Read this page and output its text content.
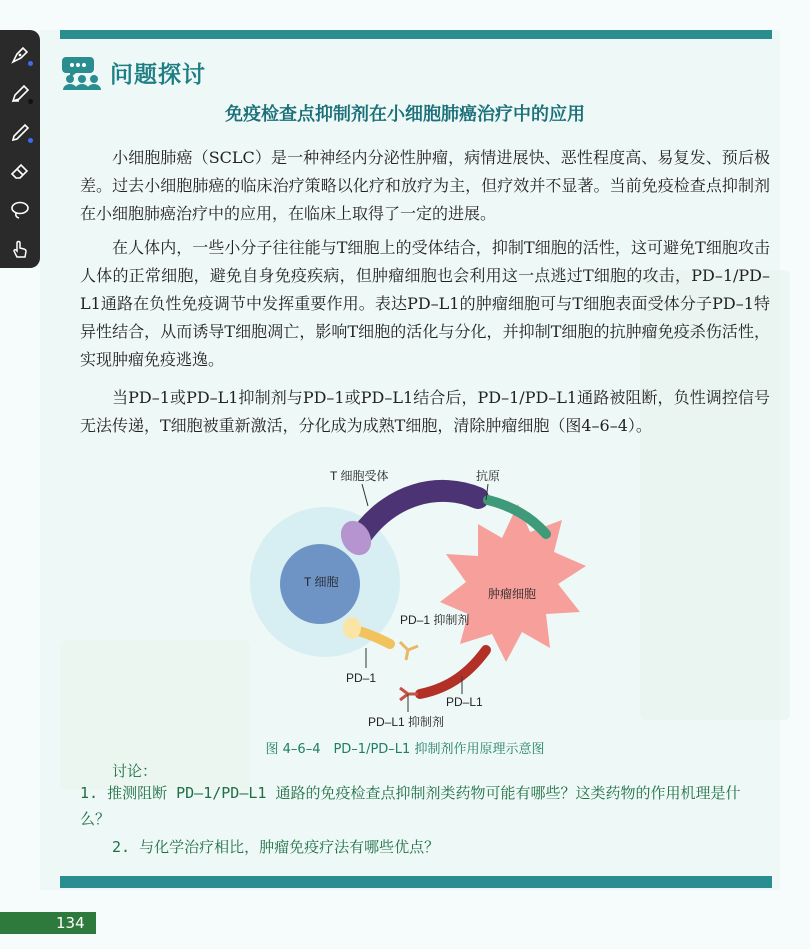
问题探讨
免疫检查点抑制剂在小细胞肺癌治疗中的应用
小细胞肺癌（SCLC）是一种神经内分泌性肿瘤，病情进展快、恶性程度高、易复发、预后极差。过去小细胞肺癌的临床治疗策略以化疗和放疗为主，但疗效并不显著。当前免疫检查点抑制剂在小细胞肺癌治疗中的应用，在临床上取得了一定的进展。
在人体内，一些小分子往往能与T细胞上的受体结合，抑制T细胞的活性，这可避免T细胞攻击人体的正常细胞，避免自身免疫疾病，但肿瘤细胞也会利用这一点逃过T细胞的攻击，PD–1/PD–L1通路在负性免疫调节中发挥重要作用。表达PD–L1的肿瘤细胞可与T细胞表面受体分子PD–1特异性结合，从而诱导T细胞凋亡，影响T细胞的活化与分化，并抑制T细胞的抗肿瘤免疫杀伤活性，实现肿瘤免疫逃逸。
当PD–1或PD–L1抑制剂与PD–1或PD–L1结合后，PD–1/PD–L1通路被阻断，负性调控信号无法传递，T细胞被重新激活，分化成为成熟T细胞，清除肿瘤细胞（图4–6–4）。
T 细胞受体	抗原
T 细胞
肿瘤细胞
PD–1 抑制剂
PD–1
PD–L1
PD–L1 抑制剂
图 4–6–4　PD–1/PD–L1 抑制剂作用原理示意图
讨论：
1. 推测阻断 PD–1/PD–L1 通路的免疫检查点抑制剂类药物可能有哪些？这类药物的作用机理是什么？
2. 与化学治疗相比，肿瘤免疫疗法有哪些优点？
134
